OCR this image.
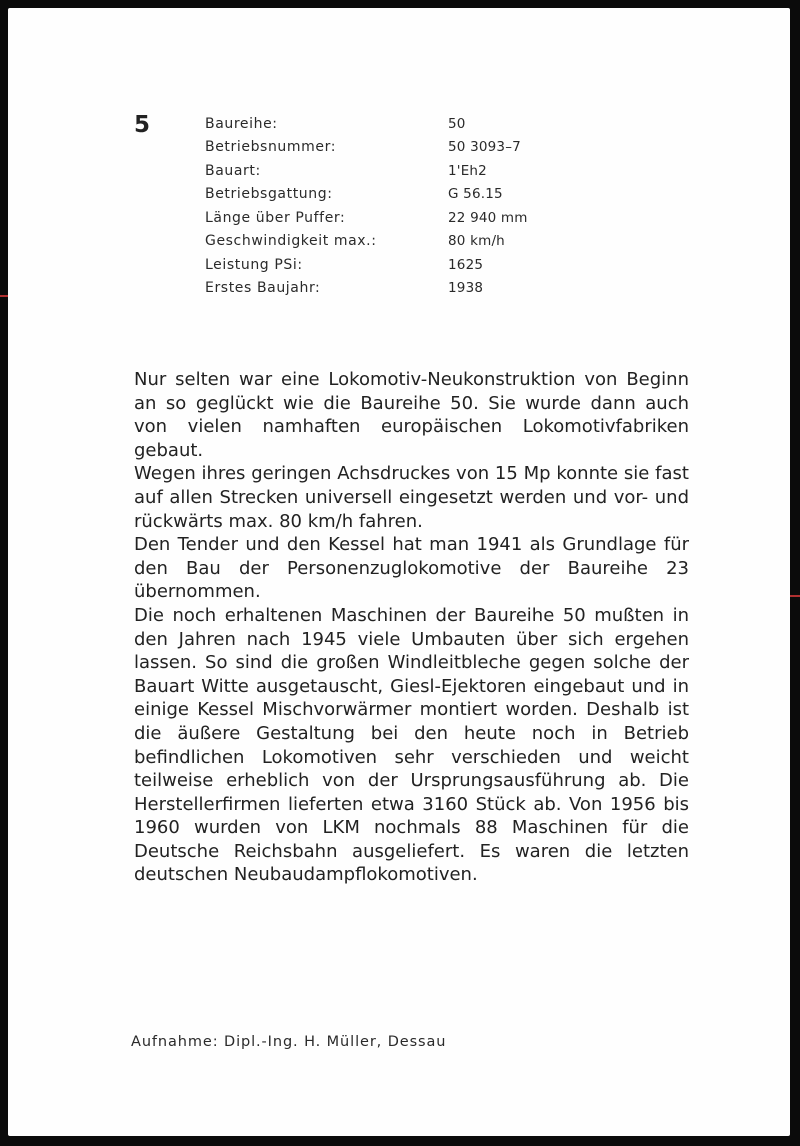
5	Baureihe:	50
Betriebsnummer:	50 3093–7
Bauart:	1'Eh2
Betriebsgattung:	G 56.15
Länge über Puffer:	22 940 mm
Geschwindigkeit max.:	80 km/h
Leistung PSi:	1625
Erstes Baujahr:	1938

Nur selten war eine Lokomotiv-Neukonstruktion von Beginn an so geglückt wie die Baureihe 50. Sie wurde dann auch von vielen namhaften europäischen Lokomotivfabriken gebaut.

Wegen ihres geringen Achsdruckes von 15 Mp konnte sie fast auf allen Strecken universell eingesetzt werden und vor- und rückwärts max. 80 km/h fahren.

Den Tender und den Kessel hat man 1941 als Grundlage für den Bau der Personenzuglokomotive der Baureihe 23 übernommen.

Die noch erhaltenen Maschinen der Baureihe 50 mußten in den Jahren nach 1945 viele Umbauten über sich ergehen lassen. So sind die großen Windleitbleche gegen solche der Bauart Witte ausgetauscht, Giesl-Ejektoren eingebaut und in einige Kessel Mischvorwärmer montiert worden. Deshalb ist die äußere Gestaltung bei den heute noch in Betrieb befindlichen Lokomotiven sehr verschieden und weicht teilweise erheblich von der Ursprungsausführung ab. Die Herstellerfirmen lieferten etwa 3160 Stück ab. Von 1956 bis 1960 wurden von LKM nochmals 88 Maschinen für die Deutsche Reichsbahn ausgeliefert. Es waren die letzten deutschen Neubaudampflokomotiven.

Aufnahme: Dipl.-Ing. H. Müller, Dessau
